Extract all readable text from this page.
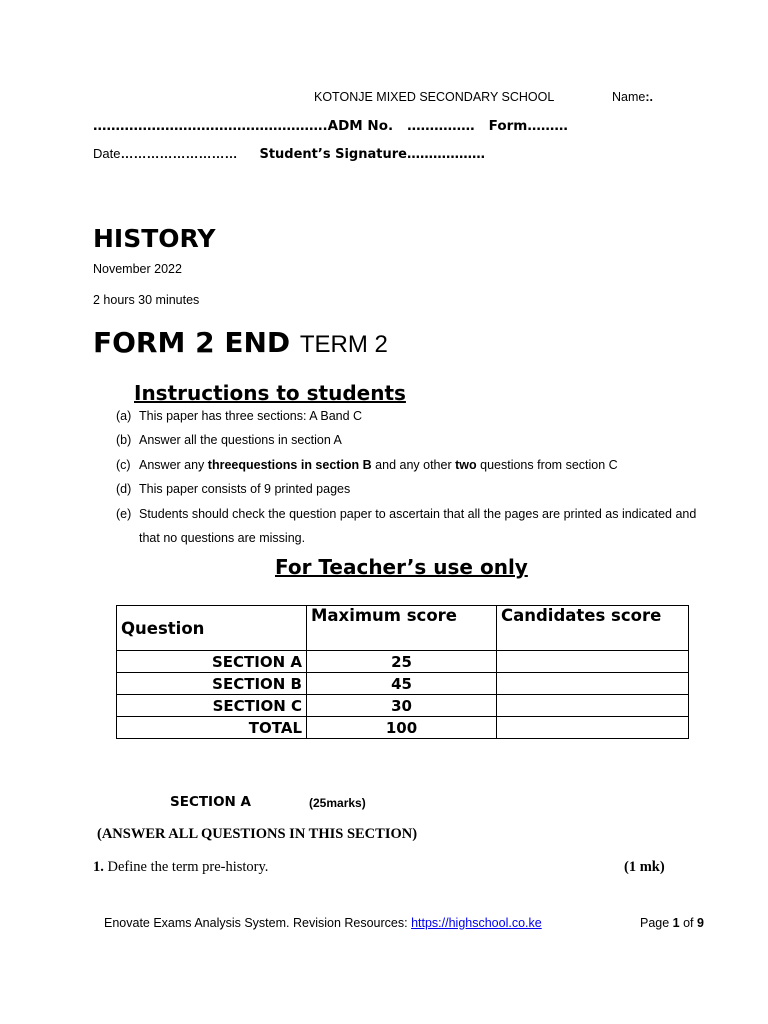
KOTONJE MIXED SECONDARY SCHOOL	Name:.
…………………………………………….ADM No. …………… Form………
Date……………………… Student’s Signature………………
HISTORY
November 2022
2 hours 30 minutes
FORM 2 END TERM 2
Instructions to students
(a) This paper has three sections: A Band C
(b) Answer all the questions in section A
(c) Answer any threequestions in section B and any other two questions from section C
(d) This paper consists of 9 printed pages
(e) Students should check the question paper to ascertain that all the pages are printed as indicated and that no questions are missing.
For Teacher’s use only
Question	Maximum score	Candidates score
SECTION A	25	
SECTION B	45	
SECTION C	30	
TOTAL	100	
SECTION A	(25marks)
(ANSWER ALL QUESTIONS IN THIS SECTION)
1. Define the term pre-history.	(1 mk)
Enovate Exams Analysis System. Revision Resources: https://highschool.co.ke	Page 1 of 9
